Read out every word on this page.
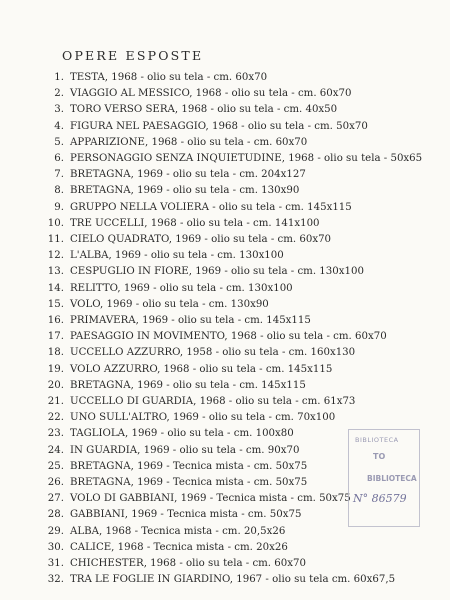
OPERE ESPOSTE
1. TESTA, 1968 - olio su tela - cm. 60x70
2. VIAGGIO AL MESSICO, 1968 - olio su tela - cm. 60x70
3. TORO VERSO SERA, 1968 - olio su tela - cm. 40x50
4. FIGURA NEL PAESAGGIO, 1968 - olio su tela - cm. 50x70
5. APPARIZIONE, 1968 - olio su tela - cm. 60x70
6. PERSONAGGIO SENZA INQUIETUDINE, 1968 - olio su tela - 50x65
7. BRETAGNA, 1969 - olio su tela - cm. 204x127
8. BRETAGNA, 1969 - olio su tela - cm. 130x90
9. GRUPPO NELLA VOLIERA - olio su tela - cm. 145x115
10. TRE UCCELLI, 1968 - olio su tela - cm. 141x100
11. CIELO QUADRATO, 1969 - olio su tela - cm. 60x70
12. L'ALBA, 1969 - olio su tela - cm. 130x100
13. CESPUGLIO IN FIORE, 1969 - olio su tela - cm. 130x100
14. RELITTO, 1969 - olio su tela - cm. 130x100
15. VOLO, 1969 - olio su tela - cm. 130x90
16. PRIMAVERA, 1969 - olio su tela - cm. 145x115
17. PAESAGGIO IN MOVIMENTO, 1968 - olio su tela - cm. 60x70
18. UCCELLO AZZURRO, 1958 - olio su tela - cm. 160x130
19. VOLO AZZURRO, 1968 - olio su tela - cm. 145x115
20. BRETAGNA, 1969 - olio su tela - cm. 145x115
21. UCCELLO DI GUARDIA, 1968 - olio su tela - cm. 61x73
22. UNO SULL'ALTRO, 1969 - olio su tela - cm. 70x100
23. TAGLIOLA, 1969 - olio su tela - cm. 100x80
24. IN GUARDIA, 1969 - olio su tela - cm. 90x70
25. BRETAGNA, 1969 - Tecnica mista - cm. 50x75
26. BRETAGNA, 1969 - Tecnica mista - cm. 50x75
27. VOLO DI GABBIANI, 1969 - Tecnica mista - cm. 50x75
28. GABBIANI, 1969 - Tecnica mista - cm. 50x75
29. ALBA, 1968 - Tecnica mista - cm. 20,5x26
30. CALICE, 1968 - Tecnica mista - cm. 20x26
31. CHICHESTER, 1968 - olio su tela - cm. 60x70
32. TRA LE FOGLIE IN GIARDINO, 1967 - olio su tela cm. 60x67,5
BIBLIOTECA
TO
BIBLIOTECA
N° 86579
